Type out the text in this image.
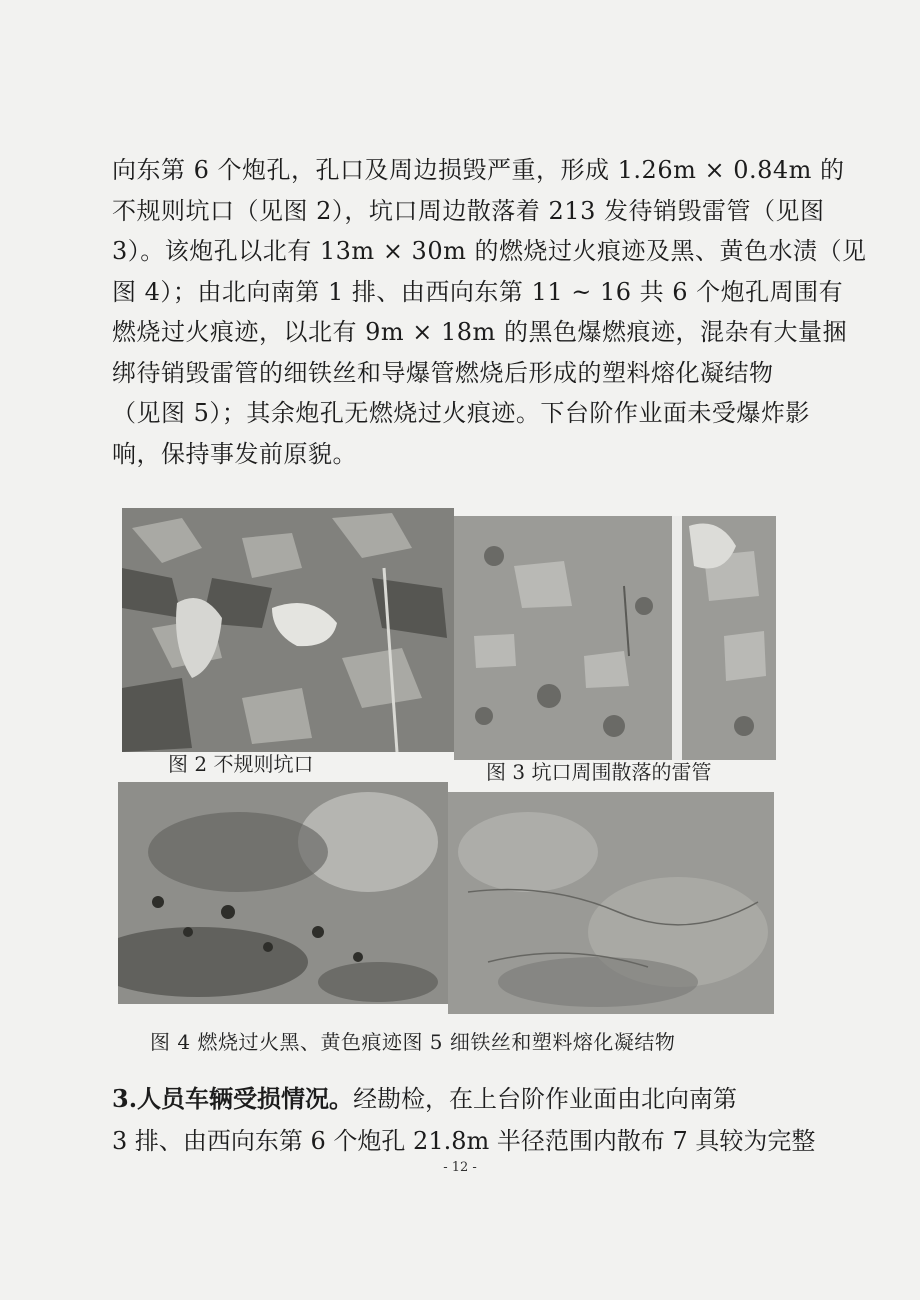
向东第 6 个炮孔，孔口及周边损毁严重，形成 1.26m × 0.84m 的
不规则坑口（见图 2），坑口周边散落着 213 发待销毁雷管（见图
3）。该炮孔以北有 13m × 30m 的燃烧过火痕迹及黑、黄色水渍（见
图 4）；由北向南第 1 排、由西向东第 11 ~ 16 共 6 个炮孔周围有
燃烧过火痕迹，以北有 9m × 18m 的黑色爆燃痕迹，混杂有大量捆
绑待销毁雷管的细铁丝和导爆管燃烧后形成的塑料熔化凝结物
（见图 5）；其余炮孔无燃烧过火痕迹。下台阶作业面未受爆炸影
响，保持事发前原貌。
图 2 不规则坑口	图 3 坑口周围散落的雷管
图 4 燃烧过火黑、黄色痕迹图 5 细铁丝和塑料熔化凝结物
3.人员车辆受损情况。经勘检，在上台阶作业面由北向南第
3 排、由西向东第 6 个炮孔 21.8m 半径范围内散布 7 具较为完整
- 12 -
